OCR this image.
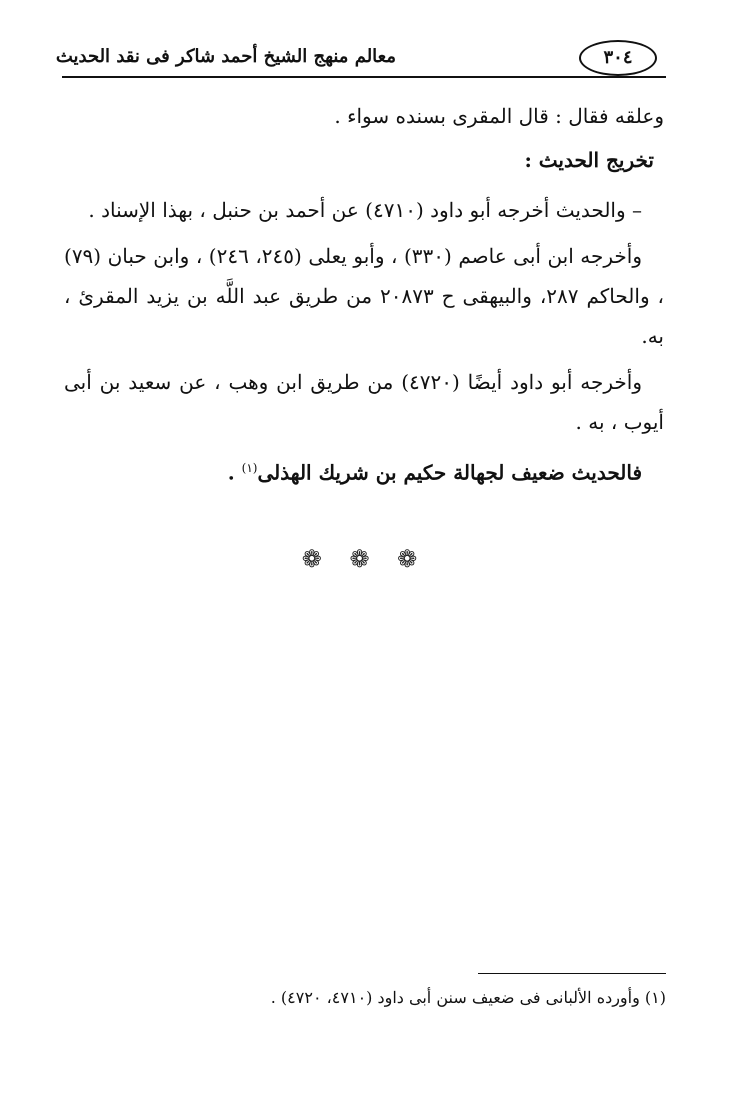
معالم منهج الشيخ أحمد شاكر فى نقد الحديث	٣٠٤

وعلقه فقال : قال المقرى بسنده سواء .

تخريج الحديث :

– والحديث أخرجه أبو داود (٤٧١٠) عن أحمد بن حنبل ، بهذا الإسناد .

وأخرجه ابن أبى عاصم (٣٣٠) ، وأبو يعلى (٢٤٥، ٢٤٦) ، وابن حبان (٧٩) ، والحاكم ٢٨٧، والبيهقى ح ٢٠٨٧٣ من طريق عبد اللَّه بن يزيد المقرئ ، به.

وأخرجه أبو داود أيضًا (٤٧٢٠) من طريق ابن وهب ، عن سعيد بن أبى أيوب ، به .

فالحديث ضعيف لجهالة حكيم بن شريك الهذلى$^{(١)}$ .

❁ ❁ ❁
(١) وأورده الألبانى فى ضعيف سنن أبى داود (٤٧١٠، ٤٧٢٠) .
